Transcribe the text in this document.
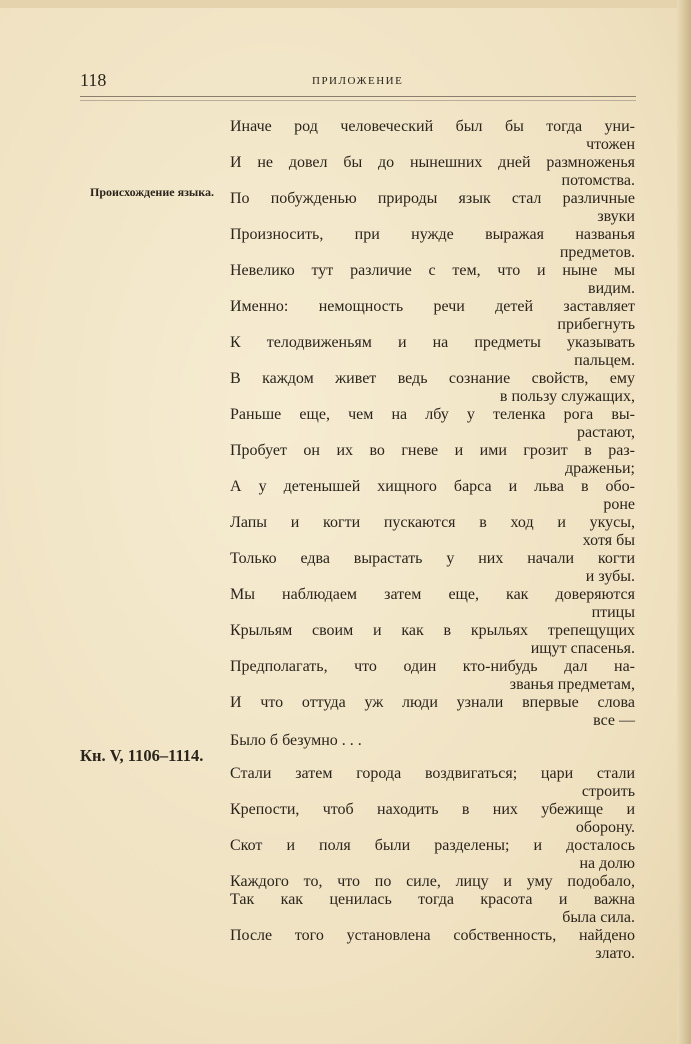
118	ПРИЛОЖЕНИЕ
Происхождение языка.
Кн. V, 1106–1114.
Иначе род человеческий был бы тогда уни-
чтожен
И не довел бы до нынешних дней размноженья
потомства.
По побужденью природы язык стал различные
звуки
Произносить, при нужде выражая названья
предметов.
Невелико тут различие с тем, что и ныне мы
видим.
Именно: немощность речи детей заставляет
прибегнуть
К телодвиженьям и на предметы указывать
пальцем.
В каждом живет ведь сознание свойств, ему
в пользу служащих,
Раньше еще, чем на лбу у теленка рога вы-
растают,
Пробует он их во гневе и ими грозит в раз-
драженьи;
А у детенышей хищного барса и льва в обо-
роне
Лапы и когти пускаются в ход и укусы,
хотя бы
Только едва вырастать у них начали когти
и зубы.
Мы наблюдаем затем еще, как доверяются
птицы
Крыльям своим и как в крыльях трепещущих
ищут спасенья.
Предполагать, что один кто-нибудь дал на-
званья предметам,
И что оттуда уж люди узнали впервые слова
все —
Было б безумно . . .
Стали затем города воздвигаться; цари стали
строить
Крепости, чтоб находить в них убежище и
оборону.
Скот и поля были разделены; и досталось
на долю
Каждого то, что по силе, лицу и уму подобало,
Так как ценилась тогда красота и важна
была сила.
После того установлена собственность, найдено
злато.
